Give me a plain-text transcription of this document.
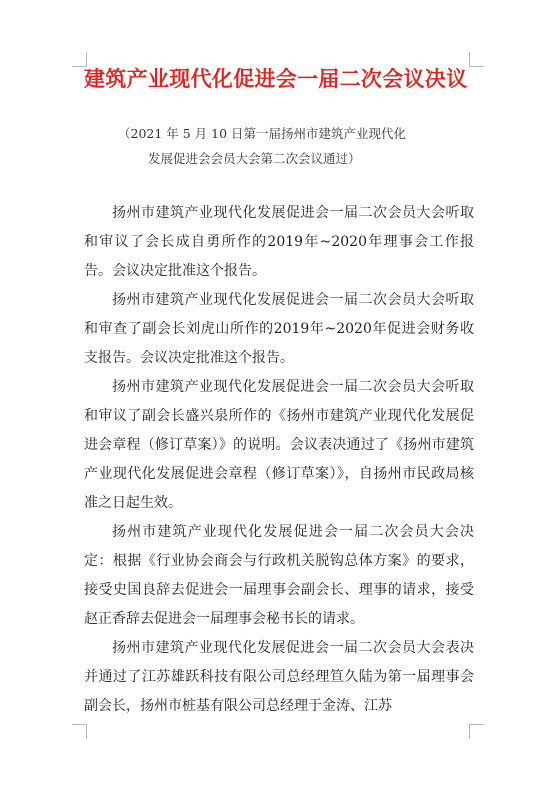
建筑产业现代化促进会一届二次会议决议
（2021 年 5 月 10 日第一届扬州市建筑产业现代化
发展促进会会员大会第二次会议通过）

扬州市建筑产业现代化发展促进会一届二次会员大会听取和审议了会长成自勇所作的2019年~2020年理事会工作报告。会议决定批准这个报告。

扬州市建筑产业现代化发展促进会一届二次会员大会听取和审查了副会长刘虎山所作的2019年~2020年促进会财务收支报告。会议决定批准这个报告。

扬州市建筑产业现代化发展促进会一届二次会员大会听取和审议了副会长盛兴泉所作的《扬州市建筑产业现代化发展促进会章程（修订草案）》的说明。会议表决通过了《扬州市建筑产业现代化发展促进会章程（修订草案）》，自扬州市民政局核准之日起生效。

扬州市建筑产业现代化发展促进会一届二次会员大会决定：根据《行业协会商会与行政机关脱钩总体方案》的要求，接受史国良辞去促进会一届理事会副会长、理事的请求，接受赵正香辞去促进会一届理事会秘书长的请求。

扬州市建筑产业现代化发展促进会一届二次会员大会表决并通过了江苏雄跃科技有限公司总经理笪久陆为第一届理事会副会长，扬州市桩基有限公司总经理于金涛、江苏
